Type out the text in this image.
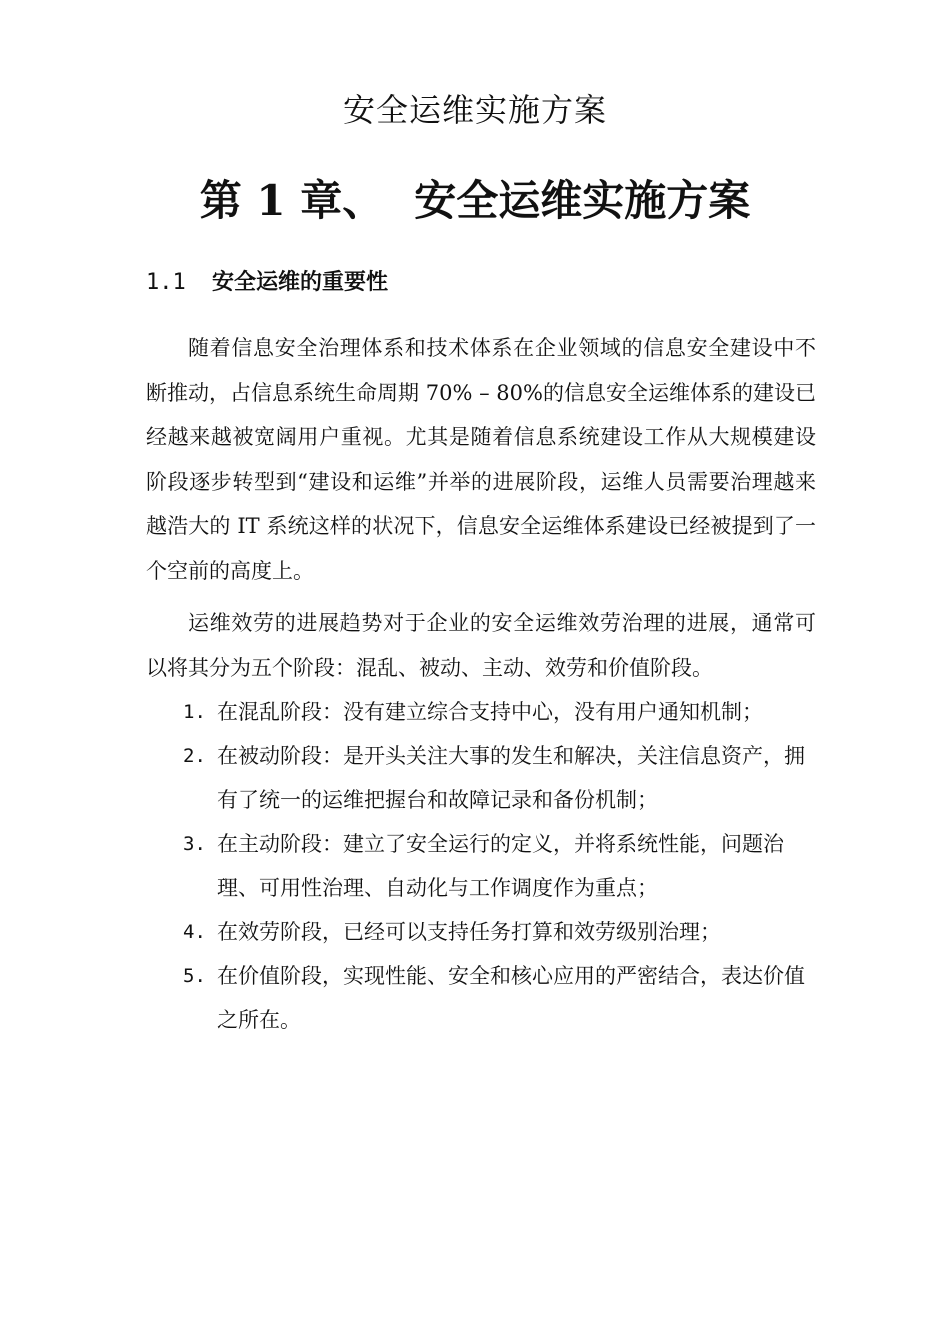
安全运维实施方案
第 1 章、 安全运维实施方案
1.1 安全运维的重要性

随着信息安全治理体系和技术体系在企业领域的信息安全建设中不断推动，占信息系统生命周期 70% – 80%的信息安全运维体系的建设已经越来越被宽阔用户重视。尤其是随着信息系统建设工作从大规模建设阶段逐步转型到“建设和运维”并举的进展阶段，运维人员需要治理越来越浩大的 IT 系统这样的状况下，信息安全运维体系建设已经被提到了一个空前的高度上。

运维效劳的进展趋势对于企业的安全运维效劳治理的进展，通常可以将其分为五个阶段：混乱、被动、主动、效劳和价值阶段。

1. 在混乱阶段：没有建立综合支持中心，没有用户通知机制；
2. 在被动阶段：是开头关注大事的发生和解决，关注信息资产，拥有了统一的运维把握台和故障记录和备份机制；
3. 在主动阶段：建立了安全运行的定义，并将系统性能，问题治理、可用性治理、自动化与工作调度作为重点；
4. 在效劳阶段，已经可以支持任务打算和效劳级别治理；
5. 在价值阶段，实现性能、安全和核心应用的严密结合，表达价值之所在。
